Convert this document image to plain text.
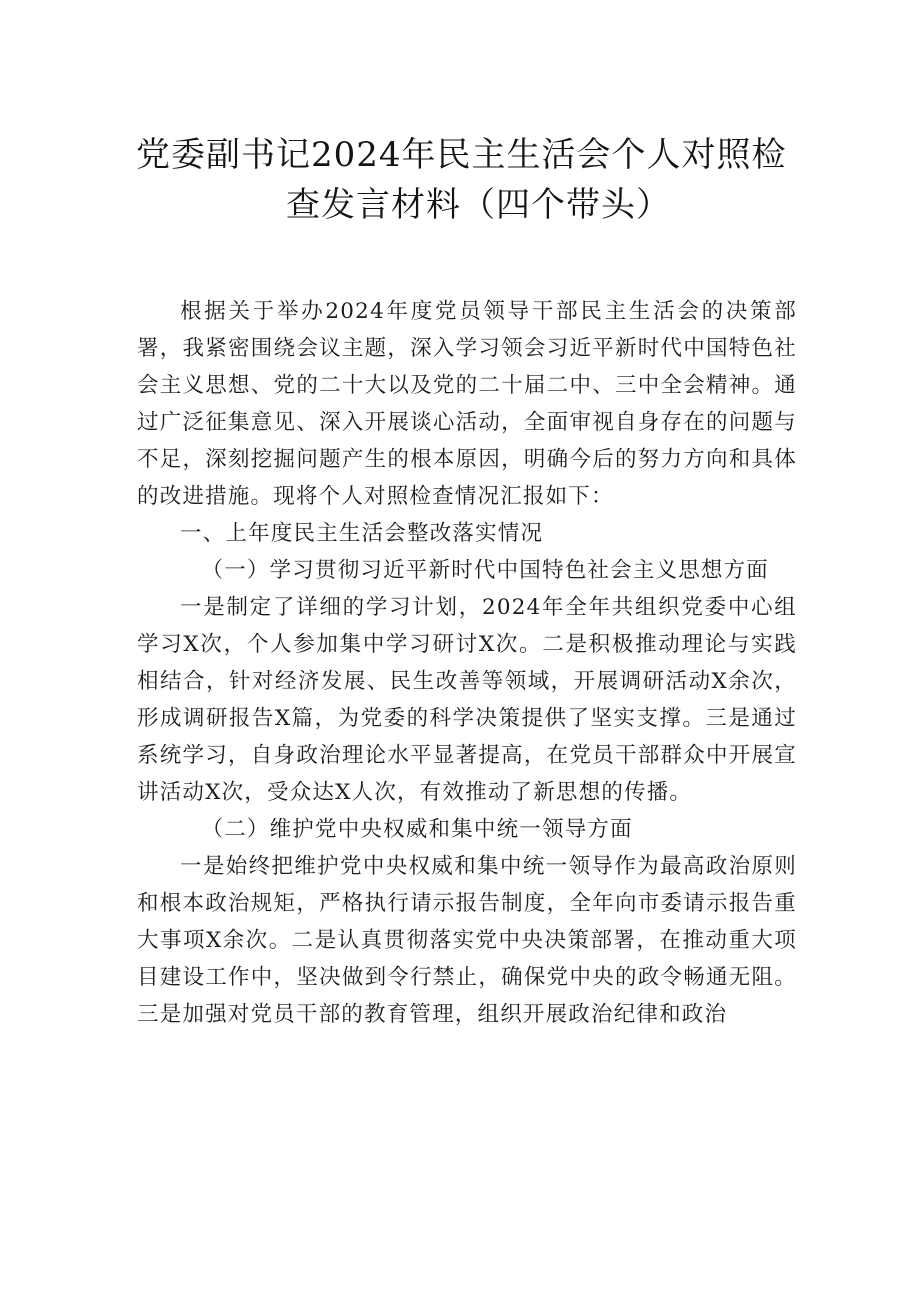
党委副书记2024年民主生活会个人对照检
查发言材料（四个带头）

根据关于举办2024年度党员领导干部民主生活会的决策部署，我紧密围绕会议主题，深入学习领会习近平新时代中国特色社会主义思想、党的二十大以及党的二十届二中、三中全会精神。通过广泛征集意见、深入开展谈心活动，全面审视自身存在的问题与不足，深刻挖掘问题产生的根本原因，明确今后的努力方向和具体的改进措施。现将个人对照检查情况汇报如下：

一、上年度民主生活会整改落实情况

（一）学习贯彻习近平新时代中国特色社会主义思想方面

一是制定了详细的学习计划，2024年全年共组织党委中心组学习X次，个人参加集中学习研讨X次。二是积极推动理论与实践相结合，针对经济发展、民生改善等领域，开展调研活动X余次，形成调研报告X篇，为党委的科学决策提供了坚实支撑。三是通过系统学习，自身政治理论水平显著提高，在党员干部群众中开展宣讲活动X次，受众达X人次，有效推动了新思想的传播。

（二）维护党中央权威和集中统一领导方面

一是始终把维护党中央权威和集中统一领导作为最高政治原则和根本政治规矩，严格执行请示报告制度，全年向市委请示报告重大事项X余次。二是认真贯彻落实党中央决策部署，在推动重大项目建设工作中，坚决做到令行禁止，确保党中央的政令畅通无阻。三是加强对党员干部的教育管理，组织开展政治纪律和政治
